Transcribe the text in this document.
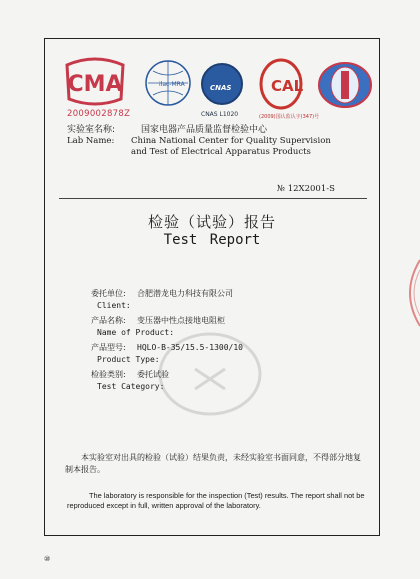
CMA
2009002878Z
ilac-MRA	CNAS
CNAS L1020
CAL
(2009)国认监认字(347)号
实验室名称:	国家电器产品质量监督检验中心
Lab Name:	China National Center for Quality Supervision
and Test of Electrical Apparatus Products
№ 12X2001-S
检验（试验）报告
Test Report
委托单位:	合肥潜龙电力科技有限公司
Client:
产品名称:	变压器中性点接地电阻柜
Name of Product:
产品型号:	HQLO-B-35/15.5-1300/10
Product Type:
检验类别:	委托试验
Test Category:
本实验室对出具的检验（试验）结果负责，未经实验室书面同意，不得部分地复制本报告。
The laboratory is responsible for the inspection (Test) results. The report shall not be reproduced except in full, written approval of the laboratory.
⑩
